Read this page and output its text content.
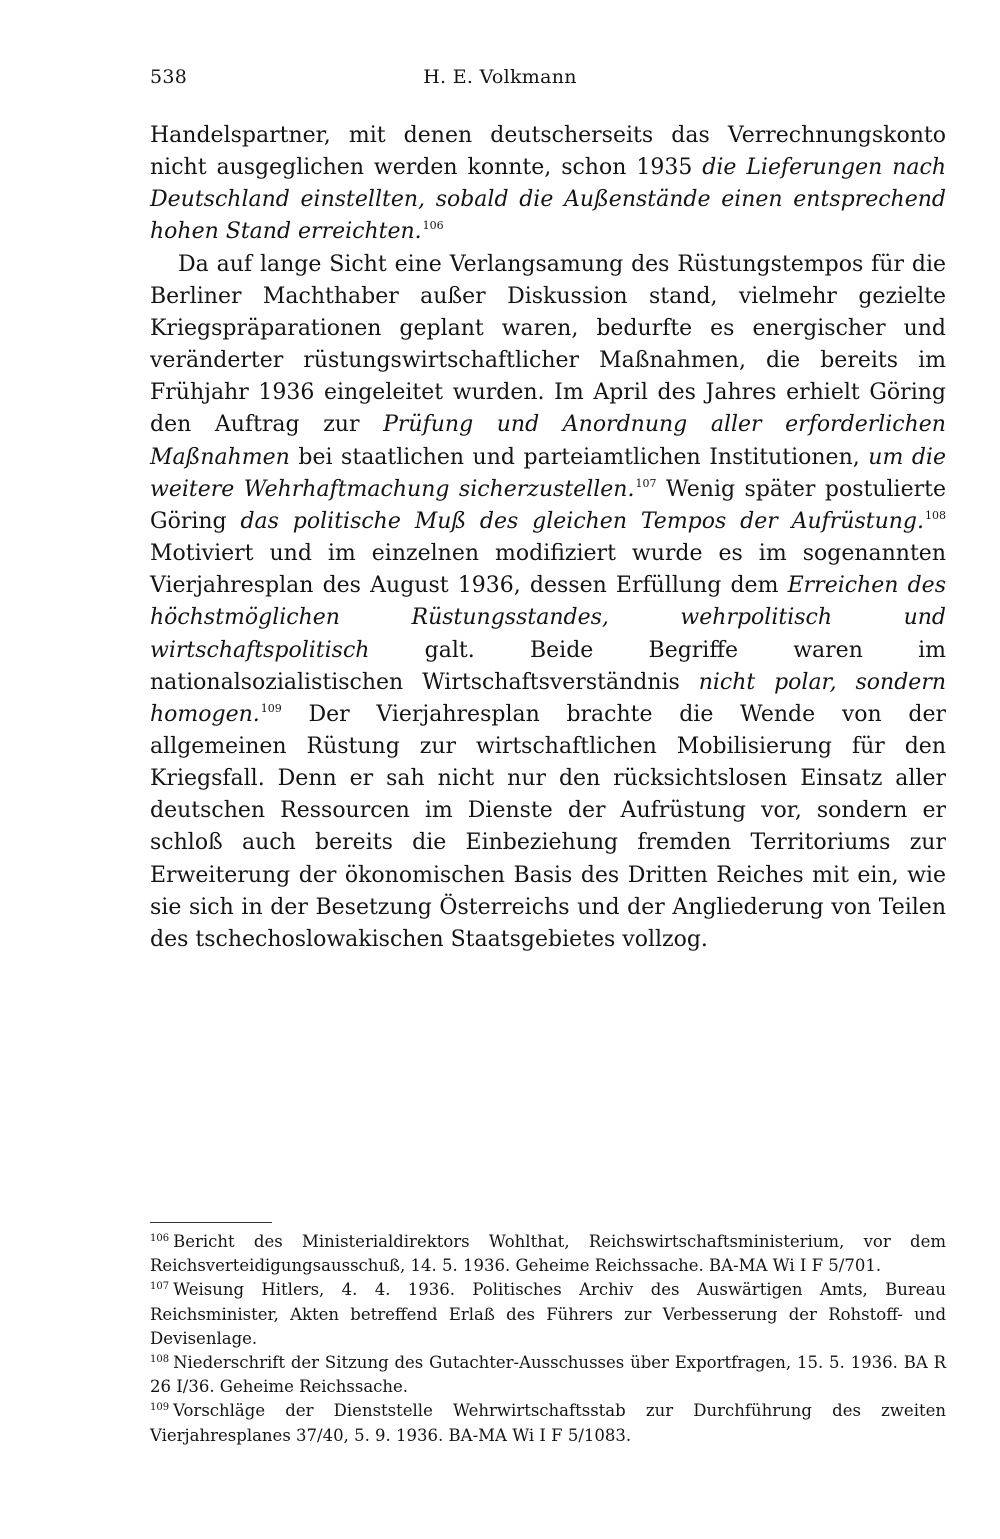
538	H. E. Volkmann

Handelspartner, mit denen deutscherseits das Verrechnungskonto nicht ausgeglichen werden konnte, schon 1935 die Lieferungen nach Deutschland einstellten, sobald die Außenstände einen entsprechend hohen Stand erreichten.$^{106}$

Da auf lange Sicht eine Verlangsamung des Rüstungstempos für die Berliner Machthaber außer Diskussion stand, vielmehr gezielte Kriegspräparationen geplant waren, bedurfte es energischer und veränderter rüstungswirtschaftlicher Maßnahmen, die bereits im Frühjahr 1936 eingeleitet wurden. Im April des Jahres erhielt Göring den Auftrag zur Prüfung und Anordnung aller erforderlichen Maßnahmen bei staatlichen und parteiamtlichen Institutionen, um die weitere Wehrhaftmachung sicherzustellen.$^{107}$ Wenig später postulierte Göring das politische Muß des gleichen Tempos der Aufrüstung.$^{108}$ Motiviert und im einzelnen modifiziert wurde es im sogenannten Vierjahresplan des August 1936, dessen Erfüllung dem Erreichen des höchstmöglichen Rüstungsstandes, wehrpolitisch und wirtschaftspolitisch galt. Beide Begriffe waren im nationalsozialistischen Wirtschaftsverständnis nicht polar, sondern homogen.$^{109}$ Der Vierjahresplan brachte die Wende von der allgemeinen Rüstung zur wirtschaftlichen Mobilisierung für den Kriegsfall. Denn er sah nicht nur den rücksichtslosen Einsatz aller deutschen Ressourcen im Dienste der Aufrüstung vor, sondern er schloß auch bereits die Einbeziehung fremden Territoriums zur Erweiterung der ökonomischen Basis des Dritten Reiches mit ein, wie sie sich in der Besetzung Österreichs und der Angliederung von Teilen des tschechoslowakischen Staatsgebietes vollzog.

$^{106}$ Bericht des Ministerialdirektors Wohlthat, Reichswirtschaftsministerium, vor dem Reichsverteidigungsausschuß, 14. 5. 1936. Geheime Reichssache. BA-MA Wi I F 5/701.

$^{107}$ Weisung Hitlers, 4. 4. 1936. Politisches Archiv des Auswärtigen Amts, Bureau Reichsminister, Akten betreffend Erlaß des Führers zur Verbesserung der Rohstoff- und Devisenlage.

$^{108}$ Niederschrift der Sitzung des Gutachter-Ausschusses über Exportfragen, 15. 5. 1936. BA R 26 I/36. Geheime Reichssache.

$^{109}$ Vorschläge der Dienststelle Wehrwirtschaftsstab zur Durchführung des zweiten Vierjahresplanes 37/40, 5. 9. 1936. BA-MA Wi I F 5/1083.
